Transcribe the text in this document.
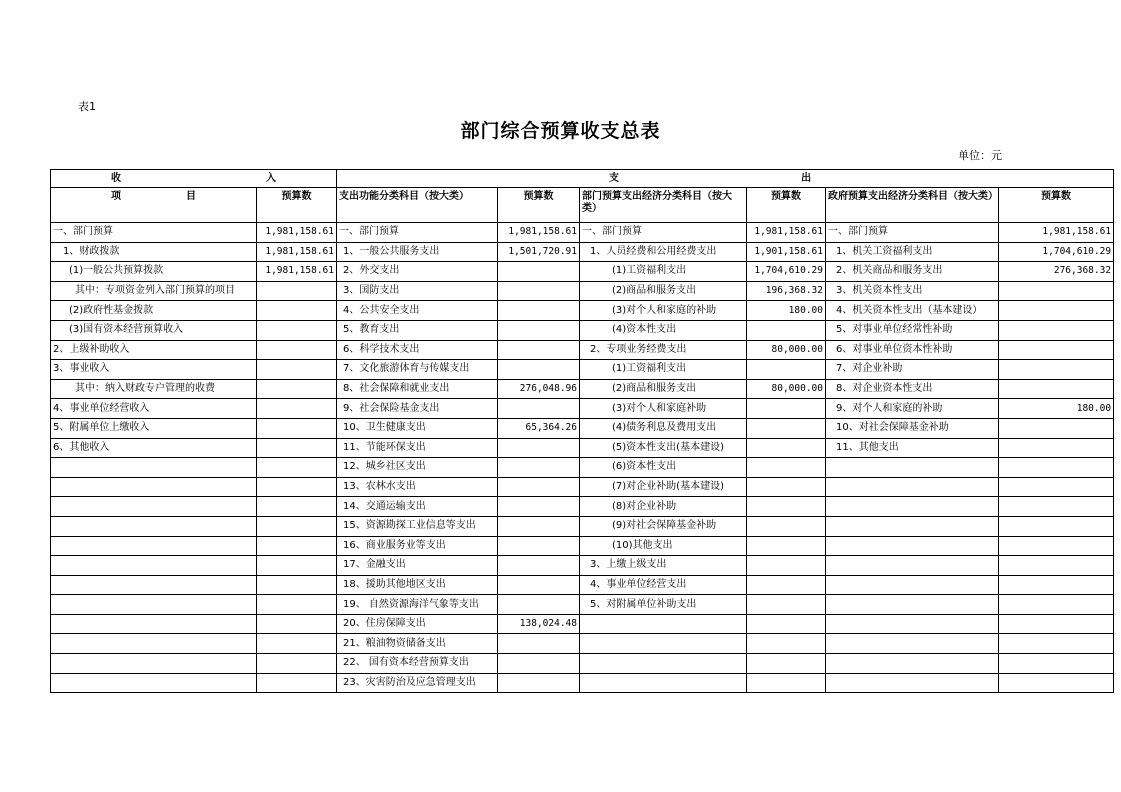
表1
部门综合预算收支总表
单位：元
收 入		支 出					

项 目	预算数	支出功能分类科目（按大类）	预算数	部门预算支出经济分类科目（按大类）	预算数	政府预算支出经济分类科目（按大类）	预算数
一、部门预算	1,981,158.61	一、部门预算	1,981,158.61	一、部门预算	1,981,158.61	一、部门预算	1,981,158.61
1、财政拨款	1,981,158.61	1、一般公共服务支出	1,501,720.91	1、人员经费和公用经费支出	1,901,158.61	1、机关工资福利支出	1,704,610.29
(1)一般公共预算拨款	1,981,158.61	2、外交支出		(1)工资福利支出	1,704,610.29	2、机关商品和服务支出	276,368.32
其中：专项资金列入部门预算的项目		3、国防支出		(2)商品和服务支出	196,368.32	3、机关资本性支出	
(2)政府性基金拨款		4、公共安全支出		(3)对个人和家庭的补助	180.00	4、机关资本性支出（基本建设）	
(3)国有资本经营预算收入		5、教育支出		(4)资本性支出		5、对事业单位经常性补助	
2、上级补助收入		6、科学技术支出		2、专项业务经费支出	80,000.00	6、对事业单位资本性补助	
3、事业收入		7、文化旅游体育与传媒支出		(1)工资福利支出		7、对企业补助	
其中：纳入财政专户管理的收费		8、社会保障和就业支出	276,048.96	(2)商品和服务支出	80,000.00	8、对企业资本性支出	
4、事业单位经营收入		9、社会保险基金支出		(3)对个人和家庭补助		9、对个人和家庭的补助	180.00
5、附属单位上缴收入		10、卫生健康支出	65,364.26	(4)债务利息及费用支出		10、对社会保障基金补助	
6、其他收入		11、节能环保支出		(5)资本性支出(基本建设)		11、其他支出	
		12、城乡社区支出		(6)资本性支出			
		13、农林水支出		(7)对企业补助(基本建设)			
		14、交通运输支出		(8)对企业补助			
		15、资源勘探工业信息等支出		(9)对社会保障基金补助			
		16、商业服务业等支出		(10)其他支出			
		17、金融支出		3、上缴上级支出			
		18、援助其他地区支出		4、事业单位经营支出			
		19、 自然资源海洋气象等支出		5、对附属单位补助支出			
		20、住房保障支出	138,024.48				
		21、粮油物资储备支出					
		22、 国有资本经营预算支出					
		23、灾害防治及应急管理支出					
